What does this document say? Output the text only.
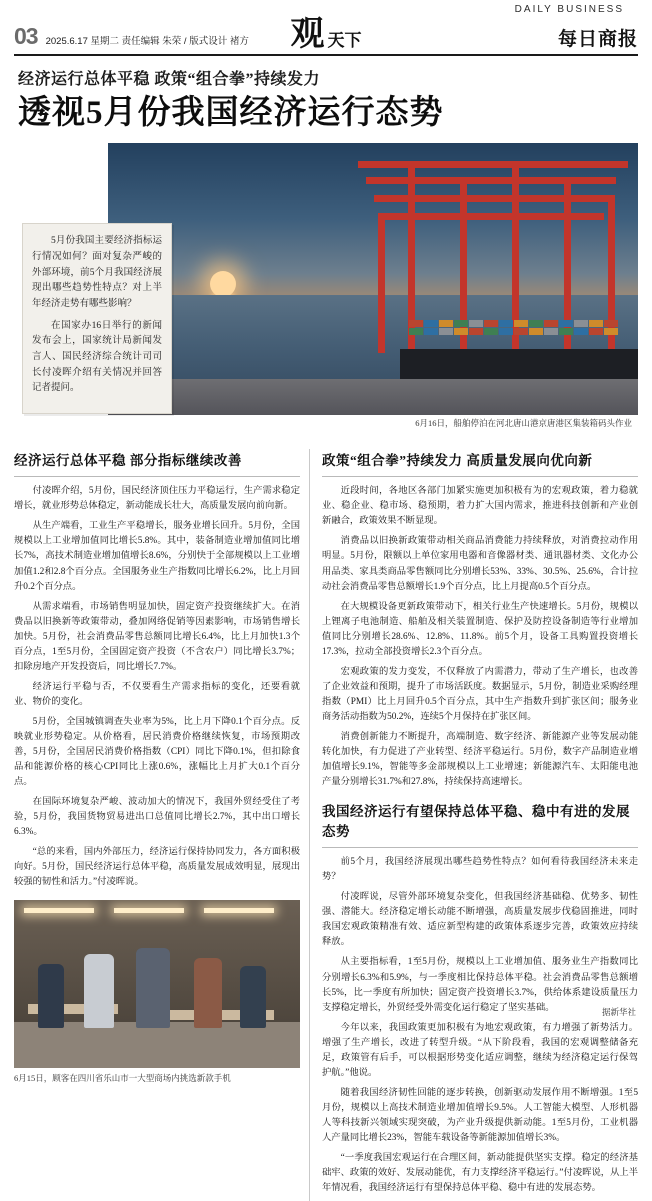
03 2025.6.17 星期二 责任编辑 朱荣 / 版式设计 褚方 观 天下
DAILY BUSINESS
每日商报
经济运行总体平稳 政策“组合拳”持续发力
透视5月份我国经济运行态势

5月份我国主要经济指标运行情况如何？面对复杂严峻的外部环境，前5个月我国经济展现出哪些趋势性特点？对上半年经济走势有哪些影响？

在国家办16日举行的新闻发布会上，国家统计局新闻发言人、国民经济综合统计司司长付凌晖介绍有关情况并回答记者提问。

6月16日，船舶停泊在河北唐山港京唐港区集装箱码头作业
经济运行总体平稳 部分指标继续改善

付凌晖介绍，5月份，国民经济顶住压力平稳运行，生产需求稳定增长，就业形势总体稳定，新动能成长壮大，高质量发展向前向新。

从生产端看，工业生产平稳增长，服务业增长回升。5月份，全国规模以上工业增加值同比增长5.8%。其中，装备制造业增加值同比增长7%，高技术制造业增加值增长8.6%，分别快于全部规模以上工业增加值1.2和2.8个百分点。全国服务业生产指数同比增长6.2%，比上月回升0.2个百分点。

从需求端看，市场销售明显加快，固定资产投资继续扩大。在消费品以旧换新等政策带动，叠加网络促销等因素影响，市场销售增长加快。5月份，社会消费品零售总额同比增长6.4%，比上月加快1.3个百分点，1至5月份，全国固定资产投资（不含农户）同比增长3.7%；扣除房地产开发投资后，同比增长7.7%。

经济运行平稳与否，不仅要看生产需求指标的变化，还要看就业、物价的变化。

5月份，全国城镇调查失业率为5%，比上月下降0.1个百分点。反映就业形势稳定。从价格看，居民消费价格继续恢复，市场预期改善，5月份，全国居民消费价格指数（CPI）同比下降0.1%，但扣除食品和能源价格的核心CPI同比上涨0.6%，涨幅比上月扩大0.1个百分点。

在国际环境复杂严峻、波动加大的情况下，我国外贸经受住了考验，5月份，我国货物贸易进出口总值同比增长2.7%，其中出口增长6.3%。

“总的来看，国内外部压力，经济运行保持协同发力，各方面积极向好。5月份，国民经济运行总体平稳，高质量发展成效明显，展现出较强的韧性和活力。”付凌晖说。

6月15日，顾客在四川省乐山市一大型商场内挑选新款手机
政策“组合拳”持续发力 高质量发展向优向新

近段时间，各地区各部门加紧实施更加积极有为的宏观政策，着力稳就业、稳企业、稳市场、稳预期，着力扩大国内需求，推进科技创新和产业创新融合，政策效果不断显现。

消费品以旧换新政策带动相关商品消费能力持续释放，对消费拉动作用明显。5月份，限额以上单位家用电器和音像器材类、通讯器材类、文化办公用品类、家具类商品零售额同比分别增长53%、33%、30.5%、25.6%，合计拉动社会消费品零售总额增长1.9个百分点，比上月提高0.5个百分点。

在大规模设备更新政策带动下，相关行业生产快速增长。5月份，规模以上锂离子电池制造、船舶及相关装置制造、保护及防控设备制造等行业增加值同比分别增长28.6%、12.8%、11.8%。前5个月，设备工具购置投资增长17.3%，拉动全部投资增长2.3个百分点。

宏观政策的发力变发，不仅释放了内需潜力，带动了生产增长，也改善了企业效益和预期，提升了市场活跃度。数据显示，5月份，制造业采购经理指数（PMI）比上月回升0.5个百分点，其中生产指数升到扩张区间；服务业商务活动指数为50.2%，连续5个月保持在扩张区间。

消费创新能力不断提升，高端制造、数字经济、新能源产业等发展动能转化加快，有力促进了产业转型、经济平稳运行。5月份，数字产品制造业增加值增长9.1%，智能等多金部规模以上工业增速；新能源汽车、太阳能电池产量分别增长31.7%和27.8%，持续保持高速增长。

我国经济运行有望保持总体平稳、稳中有进的发展态势

前5个月，我国经济展现出哪些趋势性特点？如何看待我国经济未来走势？

付凌晖说，尽管外部环境复杂变化，但我国经济基础稳、优势多、韧性强、潜能大。经济稳定增长动能不断增强，高质量发展步伐稳固推进，同时我国宏观政策精准有效、适应新型构建的政策体系逐步完善，政策效应持续释放。

从主要指标看，1至5月份，规模以上工业增加值、服务业生产指数同比分别增长6.3%和5.9%，与一季度相比保持总体平稳。社会消费品零售总额增长5%，比一季度有所加快；固定资产投资增长3.7%，供给体系建设质量压力支撑稳定增长，外贸经受外需变化运行稳定了坚实基础。

今年以来，我国政策更加积极有为地宏观政策，有力增强了新势活力。增强了生产增长，改进了转型升级。“从下阶段看，我国的宏观调整储备充足，政策管有后手，可以根据形势变化适应调整，继续为经济稳定运行保驾护航。”他说。

随着我国经济韧性回能的逐步转换，创新驱动发展作用不断增强。1至5月份，规模以上高技术制造业增加值增长9.5%。人工智能大模型、人形机器人等科技新兴领域实现突破，为产业升级提供新动能。1至5月份，工业机器人产量同比增长23%，智能车载设备等新能源加值增长3%。

“一季度我国宏观运行在合理区间，新动能提供坚实支撑。稳定的经济基础牢、政策的效好、发展动能优，有力支撑经济平稳运行。”付凌晖说，从上半年情况看，我国经济运行有望保持总体平稳、稳中有进的发展态势。

据新华社
